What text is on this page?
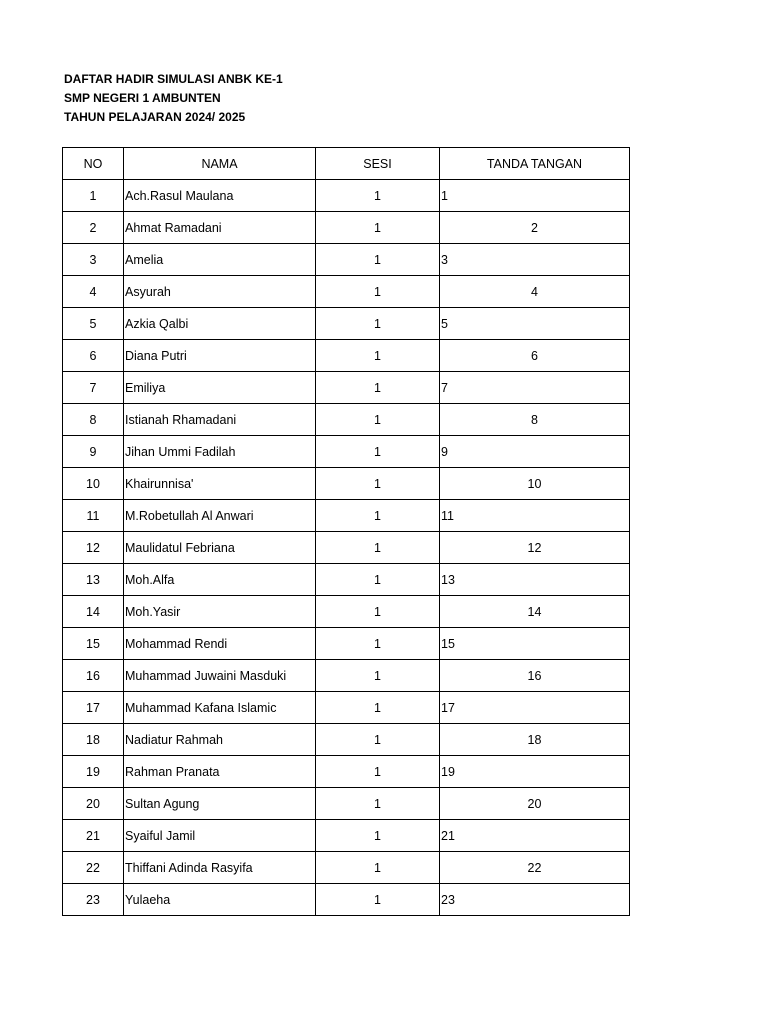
DAFTAR HADIR SIMULASI ANBK KE-1
SMP NEGERI 1 AMBUNTEN
TAHUN PELAJARAN 2024/ 2025
NO	NAMA	SESI	TANDA TANGAN
1	Ach.Rasul Maulana	1	1
2	Ahmat Ramadani	1	2
3	Amelia	1	3
4	Asyurah	1	4
5	Azkia Qalbi	1	5
6	Diana Putri	1	6
7	Emiliya	1	7
8	Istianah Rhamadani	1	8
9	Jihan Ummi Fadilah	1	9
10	Khairunnisa'	1	10
11	M.Robetullah Al Anwari	1	11
12	Maulidatul Febriana	1	12
13	Moh.Alfa	1	13
14	Moh.Yasir	1	14
15	Mohammad Rendi	1	15
16	Muhammad Juwaini Masduki	1	16
17	Muhammad Kafana Islamic	1	17
18	Nadiatur Rahmah	1	18
19	Rahman Pranata	1	19
20	Sultan Agung	1	20
21	Syaiful Jamil	1	21
22	Thiffani Adinda Rasyifa	1	22
23	Yulaeha	1	23
